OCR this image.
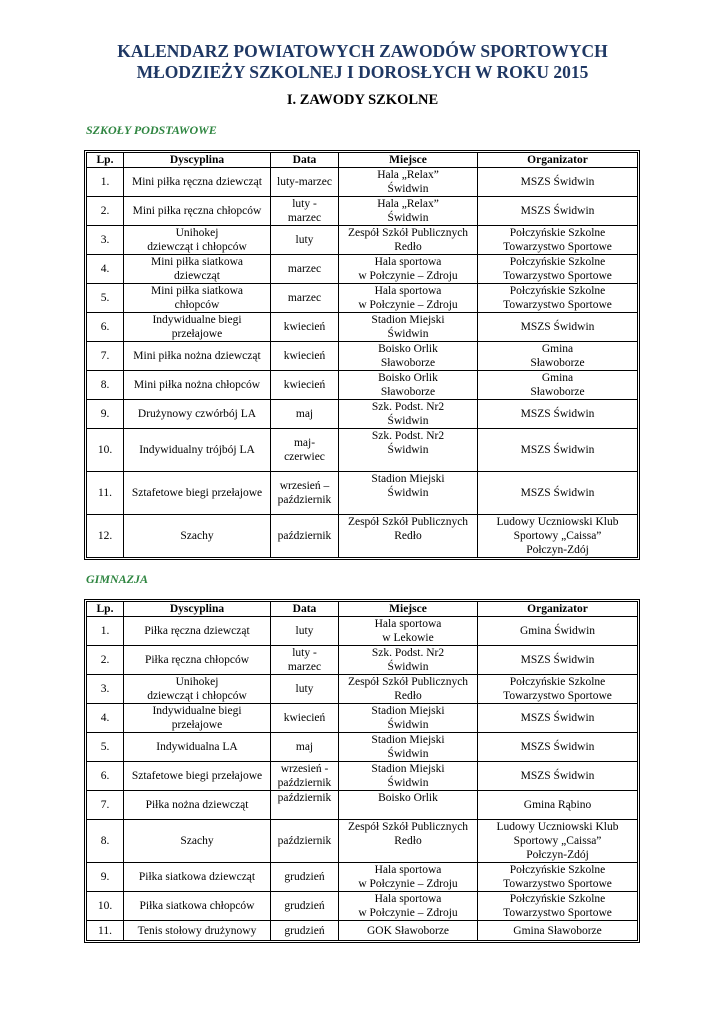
KALENDARZ POWIATOWYCH ZAWODÓW SPORTOWYCH
MŁODZIEŻY SZKOLNEJ I DOROSŁYCH W ROKU 2015
I. ZAWODY SZKOLNE
SZKOŁY PODSTAWOWE
Lp.	Dyscyplina	Data	Miejsce	Organizator

1.	Mini piłka ręczna dziewcząt	luty-marzec	Hala „Relax”
Świdwin	MSZS Świdwin

2.	Mini piłka ręczna chłopców	luty -
marzec	Hala „Relax”
Świdwin	MSZS Świdwin

3.	Unihokej
dziewcząt i chłopców	luty	Zespół Szkół Publicznych
Redło	Połczyńskie Szkolne
Towarzystwo Sportowe

4.	Mini piłka siatkowa
dziewcząt	marzec	Hala sportowa
w Połczynie – Zdroju	Połczyńskie Szkolne
Towarzystwo Sportowe

5.	Mini piłka siatkowa
chłopców	marzec	Hala sportowa
w Połczynie – Zdroju	Połczyńskie Szkolne
Towarzystwo Sportowe

6.	Indywidualne biegi
przełajowe	kwiecień	Stadion Miejski
Świdwin	MSZS Świdwin

7.	Mini piłka nożna dziewcząt	kwiecień	Boisko Orlik
Sławoborze	Gmina
Sławoborze

8.	Mini piłka nożna chłopców	kwiecień	Boisko Orlik
Sławoborze	Gmina
Sławoborze

9.	Drużynowy czwórbój LA	maj	Szk. Podst. Nr2
Świdwin	MSZS Świdwin

10.	Indywidualny trójbój LA	maj-
czerwiec	Szk. Podst. Nr2
Świdwin	MSZS Świdwin

11.	Sztafetowe biegi przełajowe	wrzesień –
październik	Stadion Miejski
Świdwin	MSZS Świdwin

12.	Szachy	październik	Zespół Szkół Publicznych
Redło	Ludowy Uczniowski Klub
Sportowy „Caissa”
Połczyn-Zdój
GIMNAZJA
Lp.	Dyscyplina	Data	Miejsce	Organizator

1.	Piłka ręczna dziewcząt	luty	Hala sportowa
w Lekowie	Gmina Świdwin

2.	Piłka ręczna chłopców	luty -
marzec	Szk. Podst. Nr2
Świdwin	MSZS Świdwin

3.	Unihokej
dziewcząt i chłopców	luty	Zespół Szkół Publicznych
Redło	Połczyńskie Szkolne
Towarzystwo Sportowe

4.	Indywidualne biegi
przełajowe	kwiecień	Stadion Miejski
Świdwin	MSZS Świdwin

5.	Indywidualna LA	maj	Stadion Miejski
Świdwin	MSZS Świdwin

6.	Sztafetowe biegi przełajowe	wrzesień -
październik	Stadion Miejski
Świdwin	MSZS Świdwin

7.	Piłka nożna dziewcząt	październik	Boisko Orlik	Gmina Rąbino

8.	Szachy	październik	Zespół Szkół Publicznych
Redło	Ludowy Uczniowski Klub
Sportowy „Caissa”
Połczyn-Zdój

9.	Piłka siatkowa dziewcząt	grudzień	Hala sportowa
w Połczynie – Zdroju	Połczyńskie Szkolne
Towarzystwo Sportowe

10.	Piłka siatkowa chłopców	grudzień	Hala sportowa
w Połczynie – Zdroju	Połczyńskie Szkolne
Towarzystwo Sportowe

11.	Tenis stołowy drużynowy	grudzień	GOK Sławoborze	Gmina Sławoborze
